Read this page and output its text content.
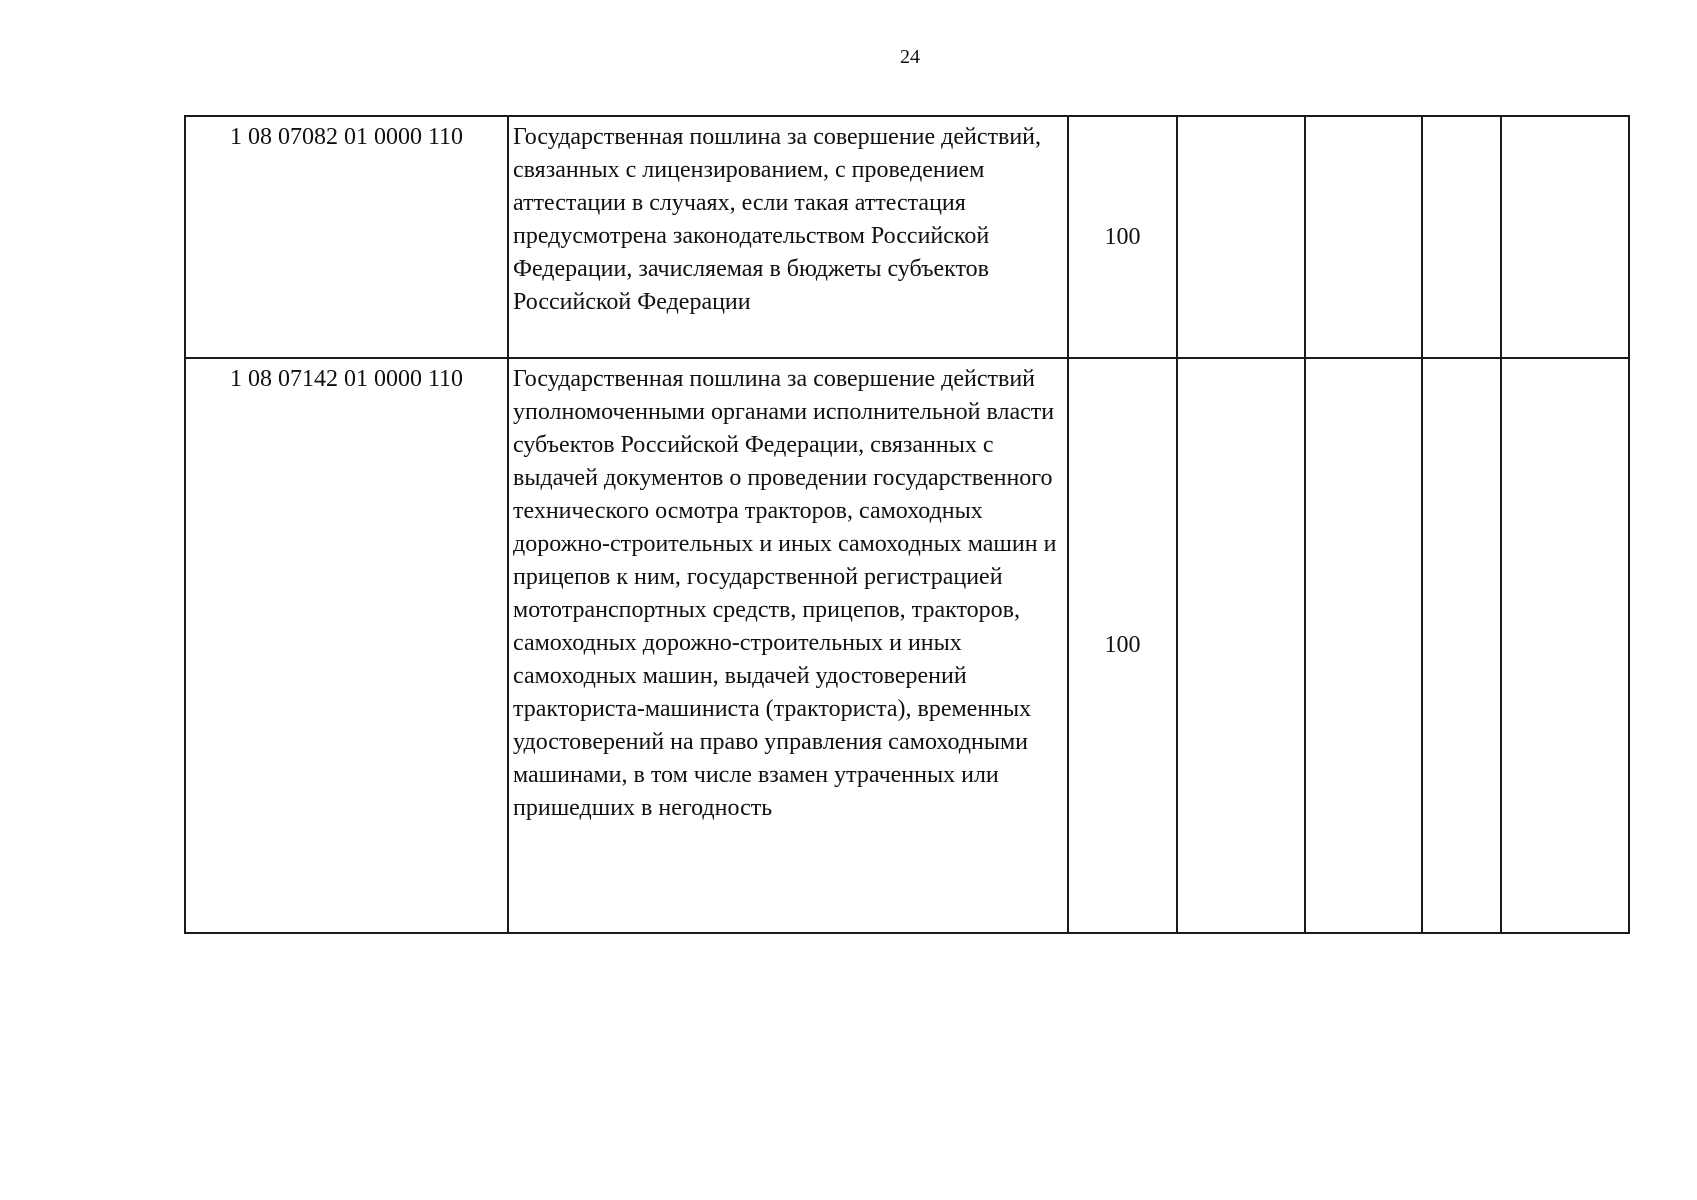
24
1 08 07082 01 0000 110	Государственная пошлина за совершение действий, связанных с лицензированием, с проведением аттестации в случаях, если такая аттестация предусмотрена законодательством Российской Федерации, зачисляемая в бюджеты субъектов Российской Федерации	100				
1 08 07142 01 0000 110	Государственная пошлина за совершение действий уполномоченными органами исполнительной власти субъектов Российской Федерации, связанных с выдачей документов о проведении государственного технического осмотра тракторов, самоходных дорожно-строительных и иных самоходных машин и прицепов к ним, государственной регистрацией мототранспортных средств, прицепов, тракторов, самоходных дорожно-строительных и иных самоходных машин, выдачей удостоверений тракториста-машиниста (тракториста), временных удостоверений на право управления самоходными машинами, в том числе взамен утраченных или пришедших в негодность	100				
